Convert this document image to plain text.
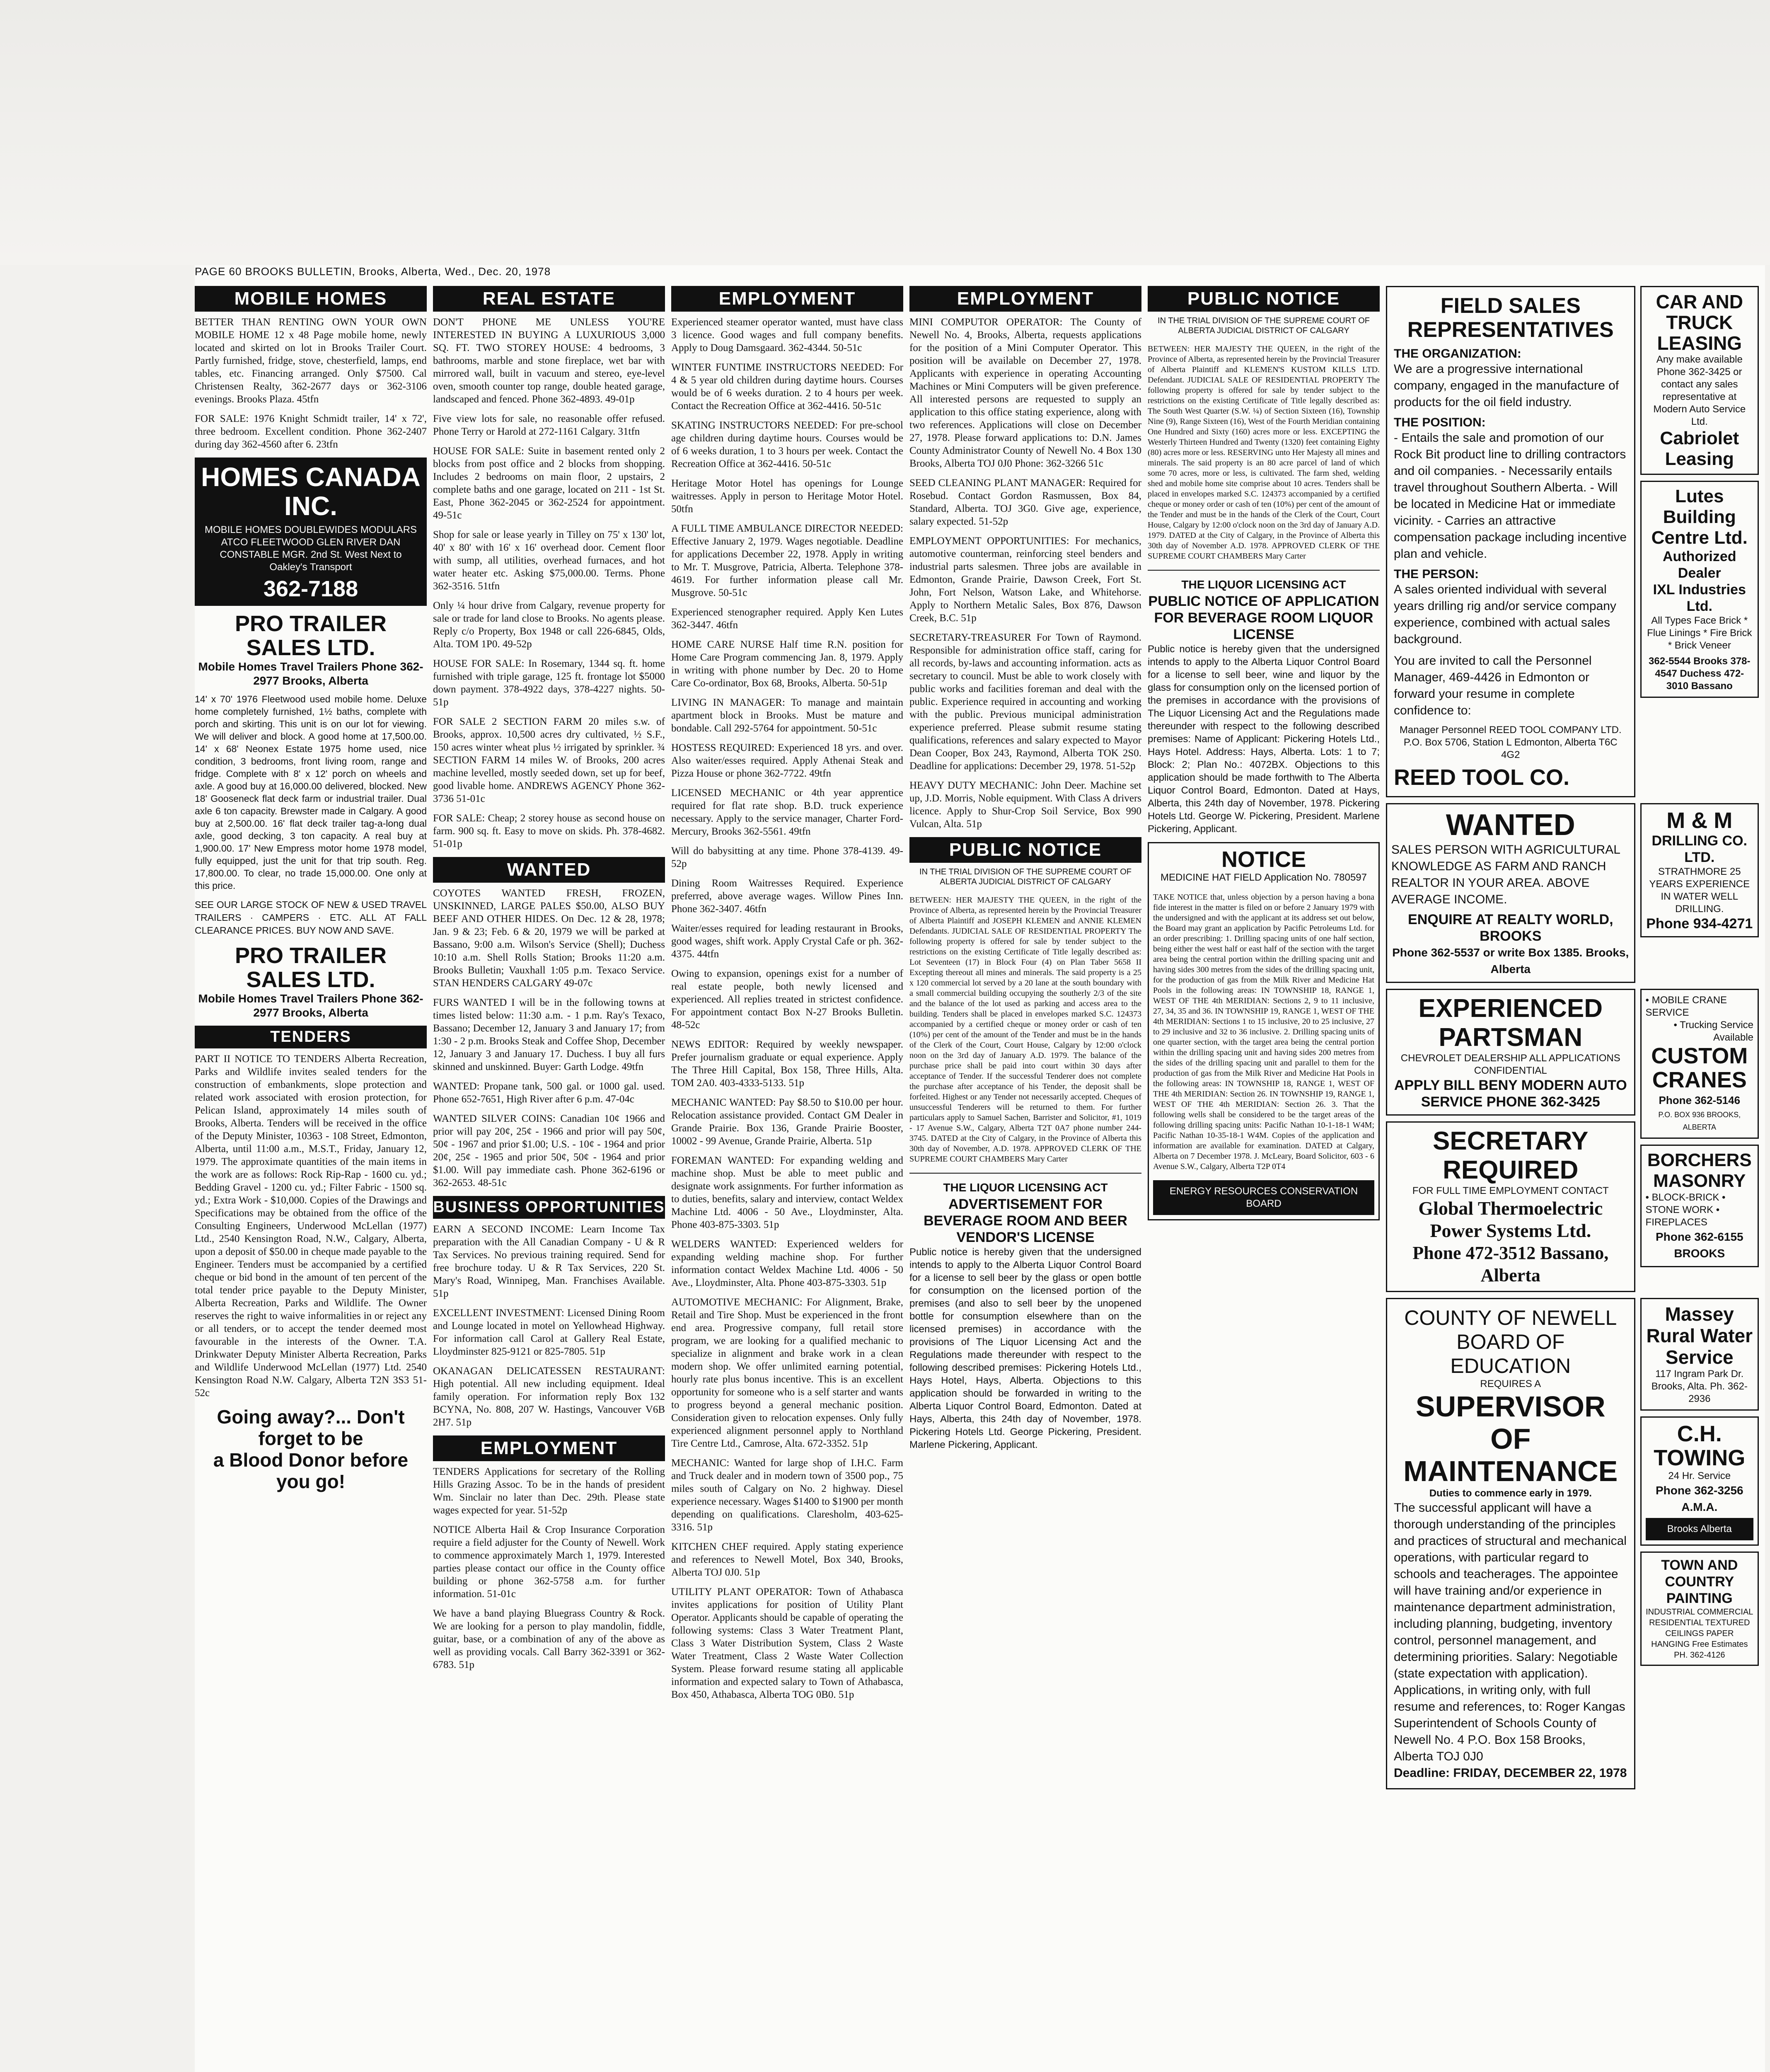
PAGE 60 BROOKS BULLETIN, Brooks, Alberta, Wed., Dec. 20, 1978
MOBILE HOMES

BETTER THAN RENTING OWN YOUR OWN MOBILE HOME 12 x 48 Page mobile home, newly located and skirted on lot in Brooks Trailer Court. Partly furnished, fridge, stove, chesterfield, lamps, end tables, etc. Financing arranged. Only $7500. Cal Christensen Realty, 362-2677 days or 362-3106 evenings. Brooks Plaza. 45tfn

FOR SALE: 1976 Knight Schmidt trailer, 14' x 72', three bedroom. Excellent condition. Phone 362-2407 during day 362-4560 after 6. 23tfn

HOMES CANADA INC.
MOBILE HOMES DOUBLEWIDES MODULARS ATCO FLEETWOOD GLEN RIVER DAN CONSTABLE MGR. 2nd St. West Next to Oakley's Transport
362-7188
PRO TRAILER SALES LTD.
Mobile Homes Travel Trailers Phone 362-2977 Brooks, Alberta

14' x 70' 1976 Fleetwood used mobile home. Deluxe home completely furnished, 1½ baths, complete with porch and skirting. This unit is on our lot for viewing. We will deliver and block. A good home at 17,500.00. 14' x 68' Neonex Estate 1975 home used, nice condition, 3 bedrooms, front living room, range and fridge. Complete with 8' x 12' porch on wheels and axle. A good buy at 16,000.00 delivered, blocked. New 18' Gooseneck flat deck farm or industrial trailer. Dual axle 6 ton capacity. Brewster made in Calgary. A good buy at 2,500.00. 16' flat deck trailer tag-a-long dual axle, good decking, 3 ton capacity. A real buy at 1,900.00. 17' New Empress motor home 1978 model, fully equipped, just the unit for that trip south. Reg. 17,800.00. To clear, no trade 15,000.00. One only at this price.

SEE OUR LARGE STOCK OF NEW & USED TRAVEL TRAILERS · CAMPERS · ETC. ALL AT FALL CLEARANCE PRICES. BUY NOW AND SAVE.

PRO TRAILER SALES LTD.
Mobile Homes Travel Trailers Phone 362-2977 Brooks, Alberta
TENDERS

PART II NOTICE TO TENDERS Alberta Recreation, Parks and Wildlife invites sealed tenders for the construction of embankments, slope protection and related work associated with erosion protection, for Pelican Island, approximately 14 miles south of Brooks, Alberta. Tenders will be received in the office of the Deputy Minister, 10363 - 108 Street, Edmonton, Alberta, until 11:00 a.m., M.S.T., Friday, January 12, 1979. The approximate quantities of the main items in the work are as follows: Rock Rip-Rap - 1600 cu. yd.; Bedding Gravel - 1200 cu. yd.; Filter Fabric - 1500 sq. yd.; Extra Work - $10,000. Copies of the Drawings and Specifications may be obtained from the office of the Consulting Engineers, Underwood McLellan (1977) Ltd., 2540 Kensington Road, N.W., Calgary, Alberta, upon a deposit of $50.00 in cheque made payable to the Engineer. Tenders must be accompanied by a certified cheque or bid bond in the amount of ten percent of the total tender price payable to the Deputy Minister, Alberta Recreation, Parks and Wildlife. The Owner reserves the right to waive informalities in or reject any or all tenders, or to accept the tender deemed most favourable in the interests of the Owner. T.A. Drinkwater Deputy Minister Alberta Recreation, Parks and Wildlife Underwood McLellan (1977) Ltd. 2540 Kensington Road N.W. Calgary, Alberta T2N 3S3 51-52c

Going away?... Don't forget to be
a Blood Donor before you go!
REAL ESTATE

DON'T PHONE ME UNLESS YOU'RE INTERESTED IN BUYING A LUXURIOUS 3,000 SQ. FT. TWO STOREY HOUSE: 4 bedrooms, 3 bathrooms, marble and stone fireplace, wet bar with mirrored wall, built in vacuum and stereo, eye-level oven, smooth counter top range, double heated garage, landscaped and fenced. Phone 362-4893. 49-01p

Five view lots for sale, no reasonable offer refused. Phone Terry or Harold at 272-1161 Calgary. 31tfn

HOUSE FOR SALE: Suite in basement rented only 2 blocks from post office and 2 blocks from shopping. Includes 2 bedrooms on main floor, 2 upstairs, 2 complete baths and one garage, located on 211 - 1st St. East, Phone 362-2045 or 362-2524 for appointment. 49-51c

Shop for sale or lease yearly in Tilley on 75' x 130' lot, 40' x 80' with 16' x 16' overhead door. Cement floor with sump, all utilities, overhead furnaces, and hot water heater etc. Asking $75,000.00. Terms. Phone 362-3516. 51tfn

Only ¼ hour drive from Calgary, revenue property for sale or trade for land close to Brooks. No agents please. Reply c/o Property, Box 1948 or call 226-6845, Olds, Alta. TOM 1P0. 49-52p

HOUSE FOR SALE: In Rosemary, 1344 sq. ft. home furnished with triple garage, 125 ft. frontage lot $5000 down payment. 378-4922 days, 378-4227 nights. 50-51p

FOR SALE 2 SECTION FARM 20 miles s.w. of Brooks, approx. 10,500 acres dry cultivated, ½ S.F., 150 acres winter wheat plus ½ irrigated by sprinkler. ¾ SECTION FARM 14 miles W. of Brooks, 200 acres machine levelled, mostly seeded down, set up for beef, good livable home. ANDREWS AGENCY Phone 362-3736 51-01c

FOR SALE: Cheap; 2 storey house as second house on farm. 900 sq. ft. Easy to move on skids. Ph. 378-4682. 51-01p

WANTED

COYOTES WANTED FRESH, FROZEN, UNSKINNED, LARGE PALES $50.00, ALSO BUY BEEF AND OTHER HIDES. On Dec. 12 & 28, 1978; Jan. 9 & 23; Feb. 6 & 20, 1979 we will be parked at Bassano, 9:00 a.m. Wilson's Service (Shell); Duchess 10:10 a.m. Shell Rolls Station; Brooks 11:20 a.m. Brooks Bulletin; Vauxhall 1:05 p.m. Texaco Service. STAN HENDERS CALGARY 49-07c

FURS WANTED I will be in the following towns at times listed below: 11:30 a.m. - 1 p.m. Ray's Texaco, Bassano; December 12, January 3 and January 17; from 1:30 - 2 p.m. Brooks Steak and Coffee Shop, December 12, January 3 and January 17. Duchess. I buy all furs skinned and unskinned. Buyer: Garth Lodge. 49tfn

WANTED: Propane tank, 500 gal. or 1000 gal. used. Phone 652-7651, High River after 6 p.m. 47-04c

WANTED SILVER COINS: Canadian 10¢ 1966 and prior will pay 20¢, 25¢ - 1966 and prior will pay 50¢, 50¢ - 1967 and prior $1.00; U.S. - 10¢ - 1964 and prior 20¢, 25¢ - 1965 and prior 50¢, 50¢ - 1964 and prior $1.00. Will pay immediate cash. Phone 362-6196 or 362-2653. 48-51c

BUSINESS OPPORTUNITIES

EARN A SECOND INCOME: Learn Income Tax preparation with the All Canadian Company - U & R Tax Services. No previous training required. Send for free brochure today. U & R Tax Services, 220 St. Mary's Road, Winnipeg, Man. Franchises Available. 51p

EXCELLENT INVESTMENT: Licensed Dining Room and Lounge located in motel on Yellowhead Highway. For information call Carol at Gallery Real Estate, Lloydminster 825-9121 or 825-7805. 51p

OKANAGAN DELICATESSEN RESTAURANT: High potential. All new including equipment. Ideal family operation. For information reply Box 132 BCYNA, No. 808, 207 W. Hastings, Vancouver V6B 2H7. 51p

EMPLOYMENT

TENDERS Applications for secretary of the Rolling Hills Grazing Assoc. To be in the hands of president Wm. Sinclair no later than Dec. 29th. Please state wages expected for year. 51-52p

NOTICE Alberta Hail & Crop Insurance Corporation require a field adjuster for the County of Newell. Work to commence approximately March 1, 1979. Interested parties please contact our office in the County office building or phone 362-5758 a.m. for further information. 51-01c

We have a band playing Bluegrass Country & Rock. We are looking for a person to play mandolin, fiddle, guitar, base, or a combination of any of the above as well as providing vocals. Call Barry 362-3391 or 362-6783. 51p

EMPLOYMENT

Experienced steamer operator wanted, must have class 3 licence. Good wages and full company benefits. Apply to Doug Damsgaard. 362-4344. 50-51c

WINTER FUNTIME INSTRUCTORS NEEDED: For 4 & 5 year old children during daytime hours. Courses would be of 6 weeks duration. 2 to 4 hours per week. Contact the Recreation Office at 362-4416. 50-51c

SKATING INSTRUCTORS NEEDED: For pre-school age children during daytime hours. Courses would be of 6 weeks duration, 1 to 3 hours per week. Contact the Recreation Office at 362-4416. 50-51c

Heritage Motor Hotel has openings for Lounge waitresses. Apply in person to Heritage Motor Hotel. 50tfn

A FULL TIME AMBULANCE DIRECTOR NEEDED: Effective January 2, 1979. Wages negotiable. Deadline for applications December 22, 1978. Apply in writing to Mr. T. Musgrove, Patricia, Alberta. Telephone 378-4619. For further information please call Mr. Musgrove. 50-51c

Experienced stenographer required. Apply Ken Lutes 362-3447. 46tfn

HOME CARE NURSE Half time R.N. position for Home Care Program commencing Jan. 8, 1979. Apply in writing with phone number by Dec. 20 to Home Care Co-ordinator, Box 68, Brooks, Alberta. 50-51p

LIVING IN MANAGER: To manage and maintain apartment block in Brooks. Must be mature and bondable. Call 292-5764 for appointment. 50-51c

HOSTESS REQUIRED: Experienced 18 yrs. and over. Also waiter/esses required. Apply Athenai Steak and Pizza House or phone 362-7722. 49tfn

LICENSED MECHANIC or 4th year apprentice required for flat rate shop. B.D. truck experience necessary. Apply to the service manager, Charter Ford-Mercury, Brooks 362-5561. 49tfn

Will do babysitting at any time. Phone 378-4139. 49-52p

Dining Room Waitresses Required. Experience preferred, above average wages. Willow Pines Inn. Phone 362-3407. 46tfn

Waiter/esses required for leading restaurant in Brooks, good wages, shift work. Apply Crystal Cafe or ph. 362-4375. 44tfn

Owing to expansion, openings exist for a number of real estate people, both newly licensed and experienced. All replies treated in strictest confidence. For appointment contact Box N-27 Brooks Bulletin. 48-52c

NEWS EDITOR: Required by weekly newspaper. Prefer journalism graduate or equal experience. Apply The Three Hill Capital, Box 158, Three Hills, Alta. TOM 2A0. 403-4333-5133. 51p

MECHANIC WANTED: Pay $8.50 to $10.00 per hour. Relocation assistance provided. Contact GM Dealer in Grande Prairie. Box 136, Grande Prairie Booster, 10002 - 99 Avenue, Grande Prairie, Alberta. 51p

FOREMAN WANTED: For expanding welding and machine shop. Must be able to meet public and designate work assignments. For further information as to duties, benefits, salary and interview, contact Weldex Machine Ltd. 4006 - 50 Ave., Lloydminster, Alta. Phone 403-875-3303. 51p

WELDERS WANTED: Experienced welders for expanding welding machine shop. For further information contact Weldex Machine Ltd. 4006 - 50 Ave., Lloydminster, Alta. Phone 403-875-3303. 51p

AUTOMOTIVE MECHANIC: For Alignment, Brake, Retail and Tire Shop. Must be experienced in the front end area. Progressive company, full retail store program, we are looking for a qualified mechanic to specialize in alignment and brake work in a clean modern shop. We offer unlimited earning potential, hourly rate plus bonus incentive. This is an excellent opportunity for someone who is a self starter and wants to progress beyond a general mechanic position. Consideration given to relocation expenses. Only fully experienced alignment personnel apply to Northland Tire Centre Ltd., Camrose, Alta. 672-3352. 51p

MECHANIC: Wanted for large shop of I.H.C. Farm and Truck dealer and in modern town of 3500 pop., 75 miles south of Calgary on No. 2 highway. Diesel experience necessary. Wages $1400 to $1900 per month depending on qualifications. Claresholm, 403-625-3316. 51p

KITCHEN CHEF required. Apply stating experience and references to Newell Motel, Box 340, Brooks, Alberta TOJ 0J0. 51p

UTILITY PLANT OPERATOR: Town of Athabasca invites applications for position of Utility Plant Operator. Applicants should be capable of operating the following systems: Class 3 Water Treatment Plant, Class 3 Water Distribution System, Class 2 Waste Water Treatment, Class 2 Waste Water Collection System. Please forward resume stating all applicable information and expected salary to Town of Athabasca, Box 450, Athabasca, Alberta TOG 0B0. 51p

EMPLOYMENT

MINI COMPUTOR OPERATOR: The County of Newell No. 4, Brooks, Alberta, requests applications for the position of a Mini Computer Operator. This position will be available on December 27, 1978. Applicants with experience in operating Accounting Machines or Mini Computers will be given preference. All interested persons are requested to supply an application to this office stating experience, along with two references. Applications will close on December 27, 1978. Please forward applications to: D.N. James County Administrator County of Newell No. 4 Box 130 Brooks, Alberta TOJ 0J0 Phone: 362-3266 51c

SEED CLEANING PLANT MANAGER: Required for Rosebud. Contact Gordon Rasmussen, Box 84, Standard, Alberta. TOJ 3G0. Give age, experience, salary expected. 51-52p

EMPLOYMENT OPPORTUNITIES: For mechanics, automotive counterman, reinforcing steel benders and industrial parts salesmen. Three jobs are available in Edmonton, Grande Prairie, Dawson Creek, Fort St. John, Fort Nelson, Watson Lake, and Whitehorse. Apply to Northern Metalic Sales, Box 876, Dawson Creek, B.C. 51p

SECRETARY-TREASURER For Town of Raymond. Responsible for administration office staff, caring for all records, by-laws and accounting information. acts as secretary to council. Must be able to work closely with public works and facilities foreman and deal with the public. Experience required in accounting and working with the public. Previous municipal administration experience preferred. Please submit resume stating qualifications, references and salary expected to Mayor Dean Cooper, Box 243, Raymond, Alberta TOK 2S0. Deadline for applications: December 29, 1978. 51-52p

HEAVY DUTY MECHANIC: John Deer. Machine set up, J.D. Morris, Noble equipment. With Class A drivers licence. Apply to Shur-Crop Soil Service, Box 990 Vulcan, Alta. 51p

PUBLIC NOTICE
IN THE TRIAL DIVISION OF THE SUPREME COURT OF ALBERTA JUDICIAL DISTRICT OF CALGARY

BETWEEN: HER MAJESTY THE QUEEN, in the right of the Province of Alberta, as represented herein by the Provincial Treasurer of Alberta Plaintiff and JOSEPH KLEMEN and ANNIE KLEMEN Defendants. JUDICIAL SALE OF RESIDENTIAL PROPERTY The following property is offered for sale by tender subject to the restrictions on the existing Certificate of Title legally described as: Lot Seventeen (17) in Block Four (4) on Plan Taber 5658 II Excepting thereout all mines and minerals. The said property is a 25 x 120 commercial lot served by a 20 lane at the south boundary with a small commercial building occupying the southerly 2/3 of the site and the balance of the lot used as parking and access area to the building. Tenders shall be placed in envelopes marked S.C. 124373 accompanied by a certified cheque or money order or cash of ten (10%) per cent of the amount of the Tender and must be in the hands of the Clerk of the Court, Court House, Calgary by 12:00 o'clock noon on the 3rd day of January A.D. 1979. The balance of the purchase price shall be paid into court within 30 days after acceptance of Tender. If the successful Tenderer does not complete the purchase after acceptance of his Tender, the deposit shall be forfeited. Highest or any Tender not necessarily accepted. Cheques of unsuccessful Tenderers will be returned to them. For further particulars apply to Samuel Sachen, Barrister and Solicitor, #1, 1019 - 17 Avenue S.W., Calgary, Alberta T2T 0A7 phone number 244-3745. DATED at the City of Calgary, in the Province of Alberta this 30th day of November, A.D. 1978. APPROVED CLERK OF THE SUPREME COURT CHAMBERS Mary Carter

THE LIQUOR LICENSING ACT
ADVERTISEMENT FOR BEVERAGE ROOM AND BEER VENDOR'S LICENSE

Public notice is hereby given that the undersigned intends to apply to the Alberta Liquor Control Board for a license to sell beer by the glass or open bottle for consumption on the licensed portion of the premises (and also to sell beer by the unopened bottle for consumption elsewhere than on the licensed premises) in accordance with the provisions of The Liquor Licensing Act and the Regulations made thereunder with respect to the following described premises: Pickering Hotels Ltd., Hays Hotel, Hays, Alberta. Objections to this application should be forwarded in writing to the Alberta Liquor Control Board, Edmonton. Dated at Hays, Alberta, this 24th day of November, 1978. Pickering Hotels Ltd. George Pickering, President. Marlene Pickering, Applicant.

PUBLIC NOTICE
IN THE TRIAL DIVISION OF THE SUPREME COURT OF ALBERTA JUDICIAL DISTRICT OF CALGARY

BETWEEN: HER MAJESTY THE QUEEN, in the right of the Province of Alberta, as represented herein by the Provincial Treasurer of Alberta Plaintiff and KLEMEN'S KUSTOM KILLS LTD. Defendant. JUDICIAL SALE OF RESIDENTIAL PROPERTY The following property is offered for sale by tender subject to the restrictions on the existing Certificate of Title legally described as: The South West Quarter (S.W. ¼) of Section Sixteen (16), Township Nine (9), Range Sixteen (16), West of the Fourth Meridian containing One Hundred and Sixty (160) acres more or less. EXCEPTING the Westerly Thirteen Hundred and Twenty (1320) feet containing Eighty (80) acres more or less. RESERVING unto Her Majesty all mines and minerals. The said property is an 80 acre parcel of land of which some 70 acres, more or less, is cultivated. The farm shed, welding shed and mobile home site comprise about 10 acres. Tenders shall be placed in envelopes marked S.C. 124373 accompanied by a certified cheque or money order or cash of ten (10%) per cent of the amount of the Tender and must be in the hands of the Clerk of the Court, Court House, Calgary by 12:00 o'clock noon on the 3rd day of January A.D. 1979. DATED at the City of Calgary, in the Province of Alberta this 30th day of November A.D. 1978. APPROVED CLERK OF THE SUPREME COURT CHAMBERS Mary Carter

THE LIQUOR LICENSING ACT
PUBLIC NOTICE OF APPLICATION FOR BEVERAGE ROOM LIQUOR LICENSE

Public notice is hereby given that the undersigned intends to apply to the Alberta Liquor Control Board for a license to sell beer, wine and liquor by the glass for consumption only on the licensed portion of the premises in accordance with the provisions of The Liquor Licensing Act and the Regulations made thereunder with respect to the following described premises: Name of Applicant: Pickering Hotels Ltd., Hays Hotel. Address: Hays, Alberta. Lots: 1 to 7; Block: 2; Plan No.: 4072BX. Objections to this application should be made forthwith to The Alberta Liquor Control Board, Edmonton. Dated at Hays, Alberta, this 24th day of November, 1978. Pickering Hotels Ltd. George W. Pickering, President. Marlene Pickering, Applicant.

NOTICE
MEDICINE HAT FIELD Application No. 780597

TAKE NOTICE that, unless objection by a person having a bona fide interest in the matter is filed on or before 2 January 1979 with the undersigned and with the applicant at its address set out below, the Board may grant an application by Pacific Petroleums Ltd. for an order prescribing: 1. Drilling spacing units of one half section, being either the west half or east half of the section with the target area being the central portion within the drilling spacing unit and having sides 300 metres from the sides of the drilling spacing unit, for the production of gas from the Milk River and Medicine Hat Pools in the following areas: IN TOWNSHIP 18, RANGE 1, WEST OF THE 4th MERIDIAN: Sections 2, 9 to 11 inclusive, 27, 34, 35 and 36. IN TOWNSHIP 19, RANGE 1, WEST OF THE 4th MERIDIAN: Sections 1 to 15 inclusive, 20 to 25 inclusive, 27 to 29 inclusive and 32 to 36 inclusive. 2. Drilling spacing units of one quarter section, with the target area being the central portion within the drilling spacing unit and having sides 200 metres from the sides of the drilling spacing unit and parallel to them for the production of gas from the Milk River and Medicine Hat Pools in the following areas: IN TOWNSHIP 18, RANGE 1, WEST OF THE 4th MERIDIAN: Section 26. IN TOWNSHIP 19, RANGE 1, WEST OF THE 4th MERIDIAN: Section 26. 3. That the following wells shall be considered to be the target areas of the following drilling spacing units: Pacific Nathan 10-1-18-1 W4M; Pacific Nathan 10-35-18-1 W4M. Copies of the application and information are available for examination. DATED at Calgary, Alberta on 7 December 1978. J. McLeary, Board Solicitor, 603 - 6 Avenue S.W., Calgary, Alberta T2P 0T4

ENERGY RESOURCES CONSERVATION BOARD
FIELD SALES REPRESENTATIVES
THE ORGANIZATION:
We are a progressive international company, engaged in the manufacture of products for the oil field industry.
THE POSITION:
- Entails the sale and promotion of our Rock Bit product line to drilling contractors and oil companies. - Necessarily entails travel throughout Southern Alberta. - Will be located in Medicine Hat or immediate vicinity. - Carries an attractive compensation package including incentive plan and vehicle.
THE PERSON:
A sales oriented individual with several years drilling rig and/or service company experience, combined with actual sales background.
You are invited to call the Personnel Manager, 469-4426 in Edmonton or forward your resume in complete confidence to:
Manager Personnel REED TOOL COMPANY LTD. P.O. Box 5706, Station L Edmonton, Alberta T6C 4G2
REED TOOL CO.
CAR AND TRUCK LEASING
Any make available Phone 362-3425 or contact any sales representative at Modern Auto Service Ltd.
Cabriolet Leasing
Lutes Building Centre Ltd.
Authorized Dealer
IXL Industries Ltd.
All Types Face Brick * Flue Linings * Fire Brick * Brick Veneer
362-5544 Brooks 378-4547 Duchess 472-3010 Bassano
WANTED
SALES PERSON WITH AGRICULTURAL KNOWLEDGE AS FARM AND RANCH REALTOR IN YOUR AREA. ABOVE AVERAGE INCOME.
ENQUIRE AT REALTY WORLD, BROOKS
Phone 362-5537 or write Box 1385. Brooks, Alberta
M & M
DRILLING CO. LTD.
STRATHMORE 25 YEARS EXPERIENCE IN WATER WELL DRILLING.
Phone 934-4271
EXPERIENCED PARTSMAN
CHEVROLET DEALERSHIP ALL APPLICATIONS CONFIDENTIAL
APPLY BILL BENY MODERN AUTO SERVICE PHONE 362-3425
SECRETARY REQUIRED
FOR FULL TIME EMPLOYMENT CONTACT
Global Thermoelectric Power Systems Ltd.
Phone 472-3512 Bassano, Alberta
• MOBILE CRANE SERVICE
• Trucking Service Available
CUSTOM CRANES
Phone 362-5146
P.O. BOX 936 BROOKS, ALBERTA
BORCHERS MASONRY
• BLOCK-BRICK • STONE WORK • FIREPLACES
Phone 362-6155 BROOKS
COUNTY OF NEWELL BOARD OF EDUCATION
REQUIRES A
SUPERVISOR OF MAINTENANCE
Duties to commence early in 1979.
The successful applicant will have a thorough understanding of the principles and practices of structural and mechanical operations, with particular regard to schools and teacherages. The appointee will have training and/or experience in maintenance department administration, including planning, budgeting, inventory control, personnel management, and determining priorities. Salary: Negotiable (state expectation with application). Applications, in writing only, with full resume and references, to: Roger Kangas Superintendent of Schools County of Newell No. 4 P.O. Box 158 Brooks, Alberta TOJ 0J0
Deadline: FRIDAY, DECEMBER 22, 1978
Massey Rural Water Service
117 Ingram Park Dr. Brooks, Alta. Ph. 362-2936
C.H. TOWING
24 Hr. Service
Phone 362-3256 A.M.A.
Brooks Alberta
TOWN AND COUNTRY PAINTING
INDUSTRIAL COMMERCIAL RESIDENTIAL TEXTURED CEILINGS PAPER HANGING Free Estimates PH. 362-4126
